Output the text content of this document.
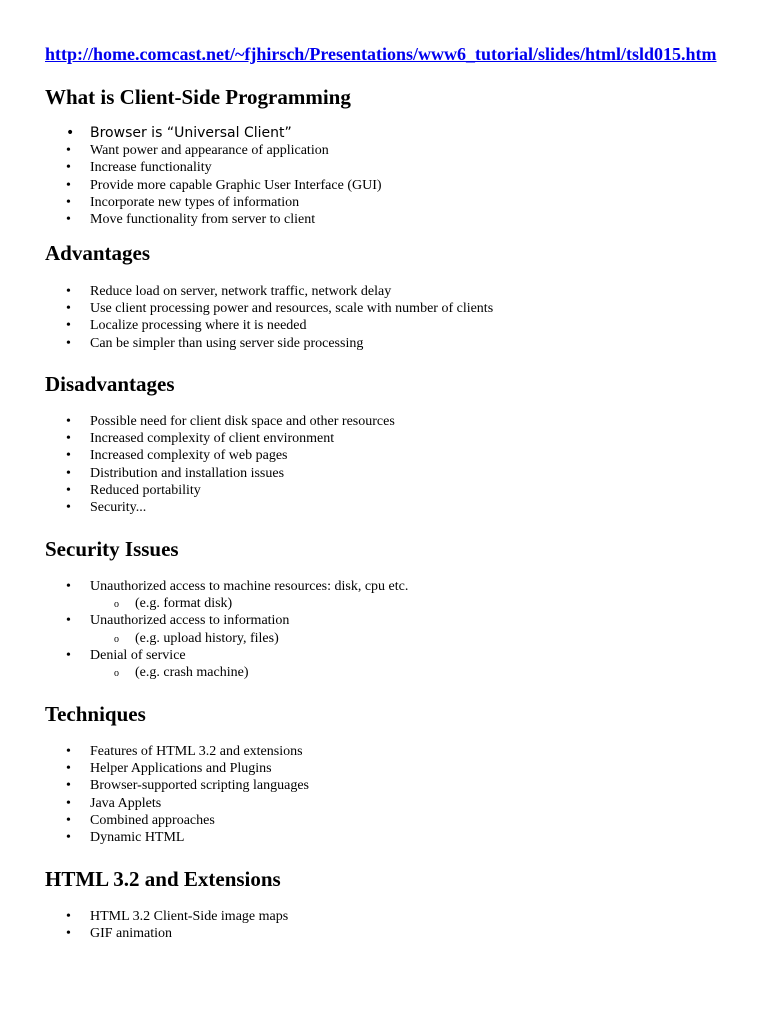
http://home.comcast.net/~fjhirsch/Presentations/www6_tutorial/slides/html/tsld015.htm
What is Client-Side Programming
• Browser is “Universal Client”
• Want power and appearance of application
• Increase functionality
• Provide more capable Graphic User Interface (GUI)
• Incorporate new types of information
• Move functionality from server to client
Advantages
• Reduce load on server, network traffic, network delay
• Use client processing power and resources, scale with number of clients
• Localize processing where it is needed
• Can be simpler than using server side processing
Disadvantages
• Possible need for client disk space and other resources
• Increased complexity of client environment
• Increased complexity of web pages
• Distribution and installation issues
• Reduced portability
• Security...
Security Issues
• Unauthorized access to machine resources: disk, cpu etc.
o (e.g. format disk)
• Unauthorized access to information
o (e.g. upload history, files)
• Denial of service
o (e.g. crash machine)
Techniques
• Features of HTML 3.2 and extensions
• Helper Applications and Plugins
• Browser-supported scripting languages
• Java Applets
• Combined approaches
• Dynamic HTML
HTML 3.2 and Extensions
• HTML 3.2 Client-Side image maps
• GIF animation
